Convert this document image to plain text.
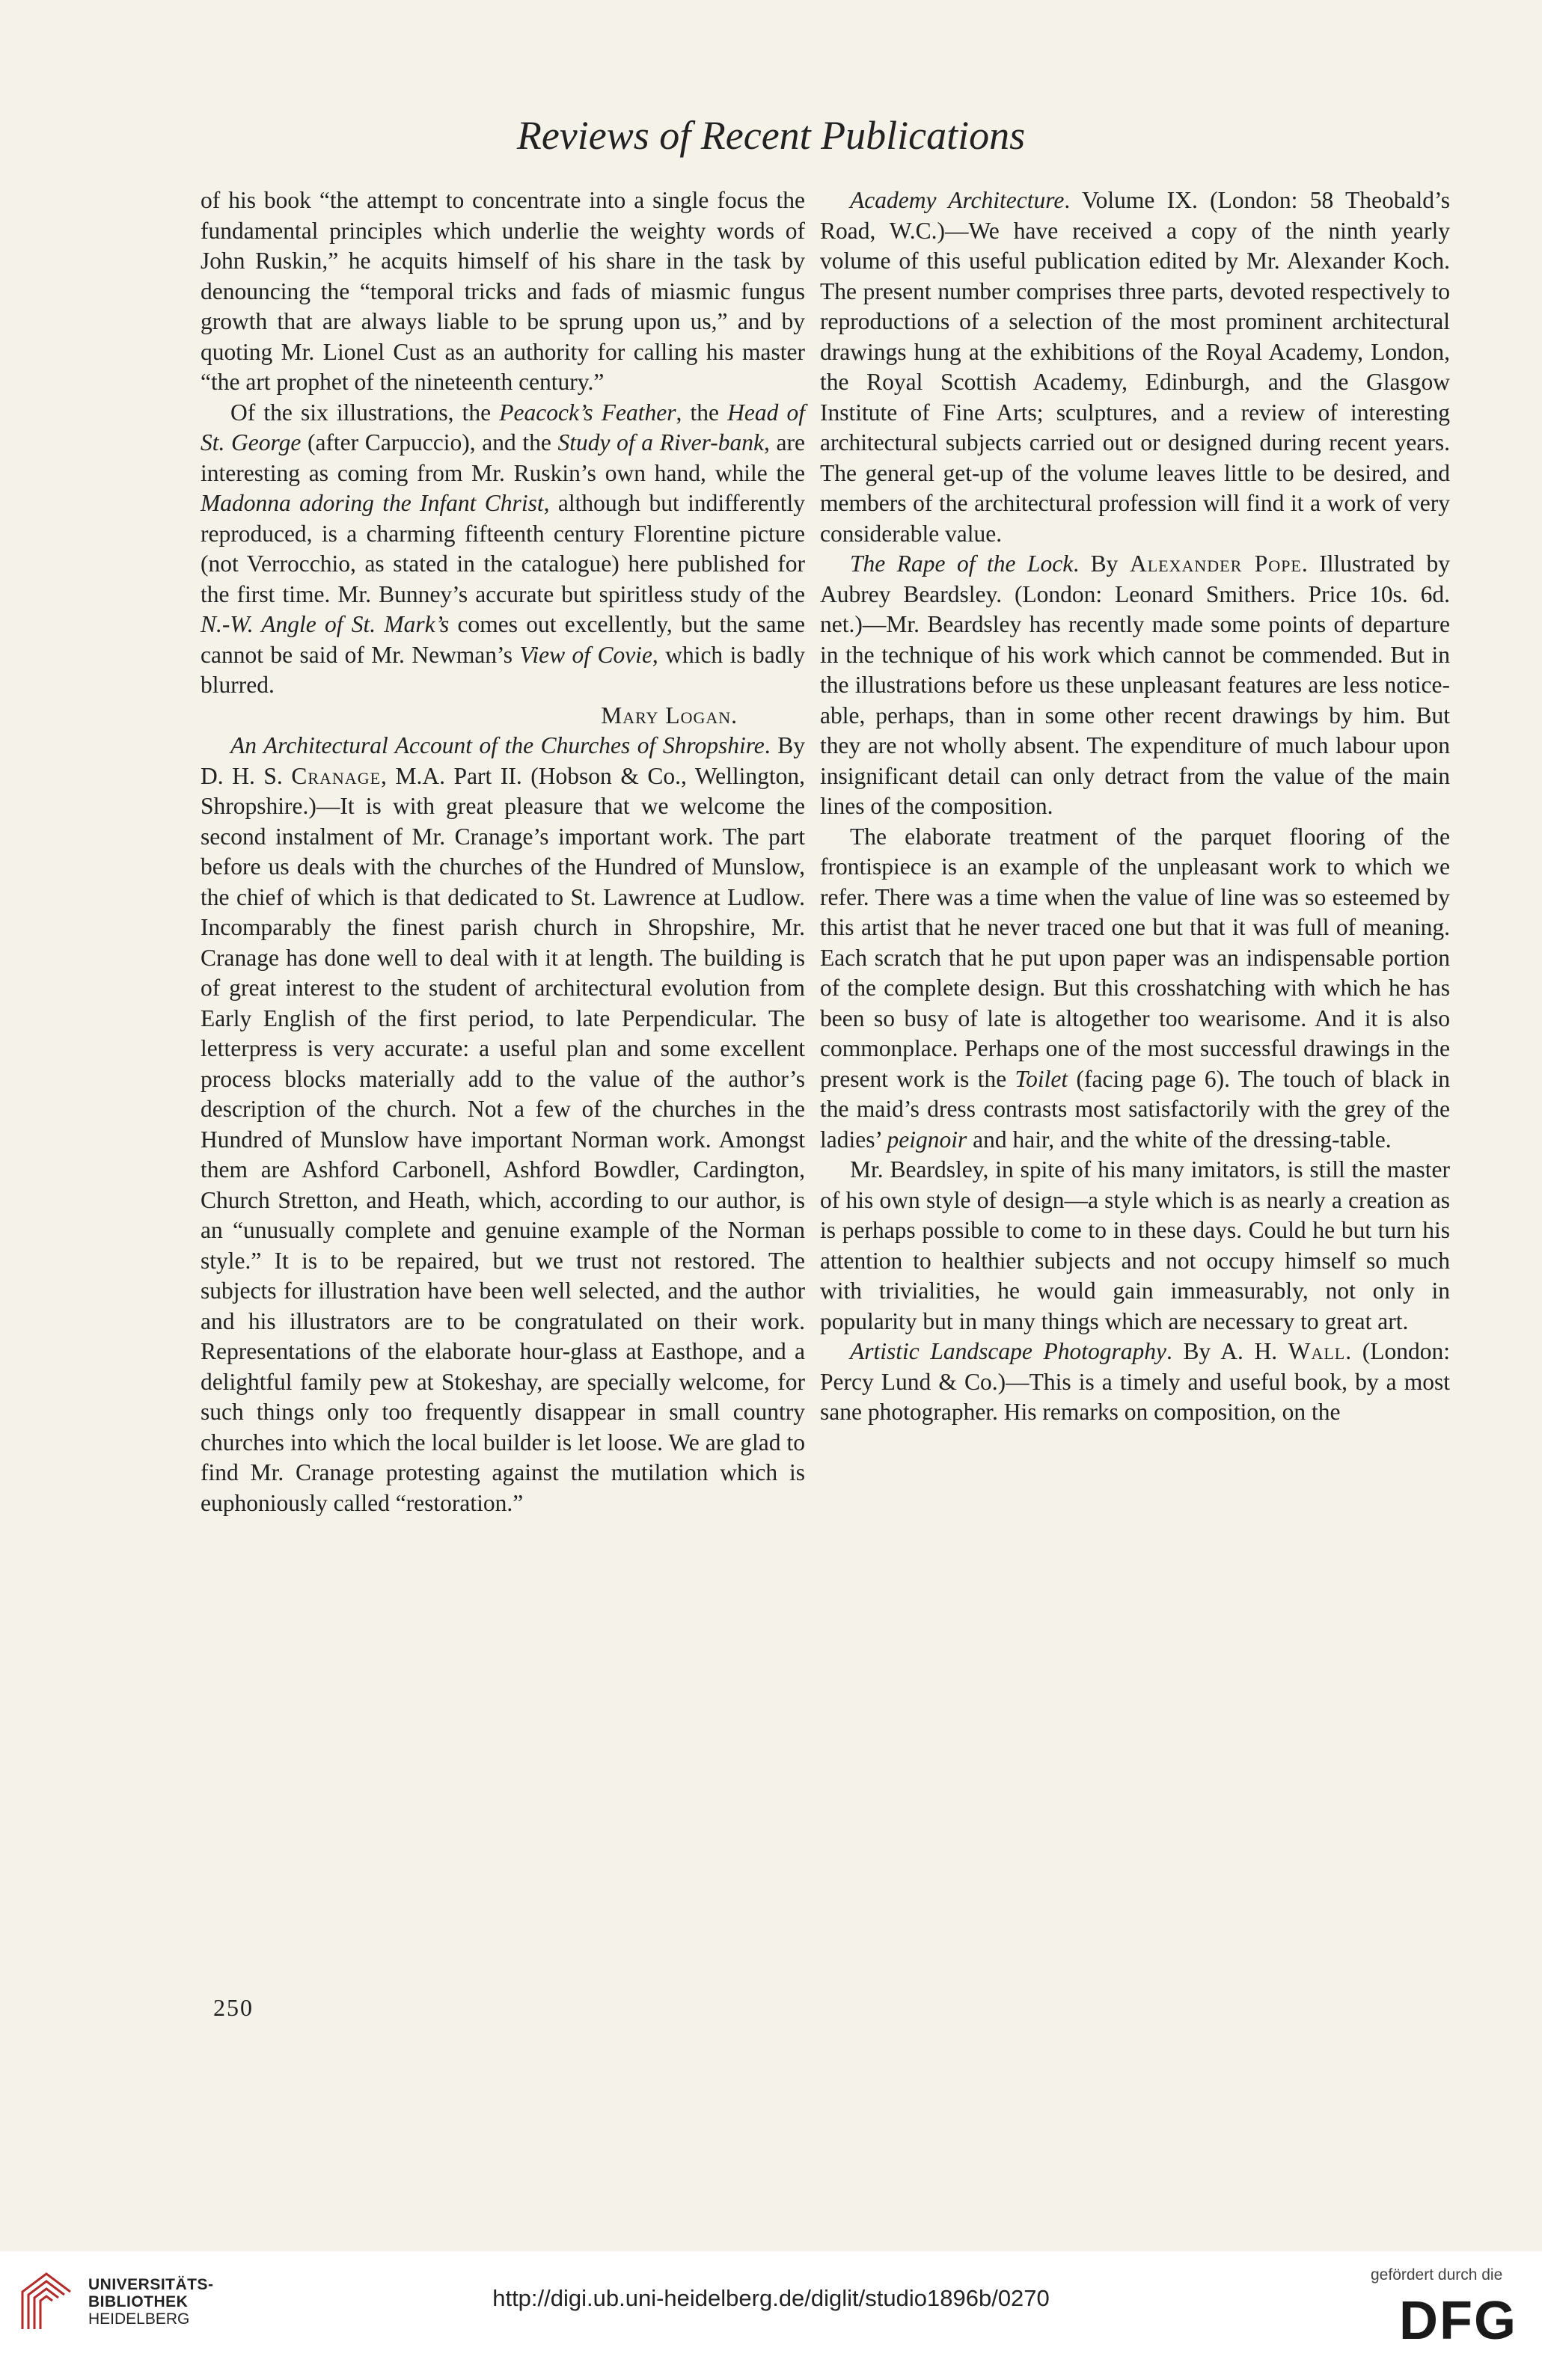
Reviews of Recent Publications

of his book “the attempt to concentrate into a single focus the fundamental principles which underlie the weighty words of John Ruskin,” he acquits himself of his share in the task by denouncing the “temporal tricks and fads of miasmic fungus growth that are always liable to be sprung upon us,” and by quoting Mr. Lionel Cust as an authority for calling his master “the art prophet of the nineteenth century.”

Of the six illustrations, the Peacock’s Feather, the Head of St. George (after Carpuccio), and the Study of a River-bank, are interesting as coming from Mr. Ruskin’s own hand, while the Madonna adoring the Infant Christ, although but indifferently reproduced, is a charming fifteenth century Florentine picture (not Verrocchio, as stated in the catalogue) here published for the first time. Mr. Bunney’s accurate but spiritless study of the N.-W. Angle of St. Mark’s comes out excellently, but the same cannot be said of Mr. Newman’s View of Covie, which is badly blurred.

Mary Logan.

An Architectural Account of the Churches of Shropshire. By D. H. S. Cranage, M.A. Part II. (Hobson & Co., Wellington, Shropshire.)—It is with great pleasure that we welcome the second instalment of Mr. Cranage’s important work. The part before us deals with the churches of the Hundred of Munslow, the chief of which is that dedicated to St. Lawrence at Ludlow. Incomparably the finest parish church in Shropshire, Mr. Cranage has done well to deal with it at length. The building is of great interest to the student of architectural evolution from Early English of the first period, to late Perpendicular. The letterpress is very accurate: a useful plan and some excellent process blocks materially add to the value of the author’s description of the church. Not a few of the churches in the Hundred of Munslow have important Norman work. Amongst them are Ashford Carbonell, Ashford Bowdler, Cardington, Church Stretton, and Heath, which, according to our author, is an “unusually complete and genuine example of the Norman style.” It is to be repaired, but we trust not restored. The subjects for illustration have been well selected, and the author and his illustrators are to be congratulated on their work. Representations of the elaborate hour-glass at Easthope, and a delightful family pew at Stokeshay, are specially welcome, for such things only too frequently disappear in small country churches into which the local builder is let loose. We are glad to find Mr. Cranage protesting against the mutilation which is euphoniously called “restoration.”

Academy Architecture. Volume IX. (London: 58 Theobald’s Road, W.C.)—We have received a copy of the ninth yearly volume of this useful publication edited by Mr. Alexander Koch. The present number comprises three parts, devoted respectively to reproductions of a selection of the most prominent architectural drawings hung at the exhibitions of the Royal Academy, London, the Royal Scottish Academy, Edinburgh, and the Glasgow Institute of Fine Arts; sculptures, and a review of interesting architectural subjects carried out or designed during recent years. The general get-up of the volume leaves little to be desired, and members of the architectural profession will find it a work of very considerable value.

The Rape of the Lock. By Alexander Pope. Illustrated by Aubrey Beardsley. (London: Leonard Smithers. Price 10s. 6d. net.)—Mr. Beardsley has recently made some points of departure in the technique of his work which cannot be commended. But in the illustrations before us these unpleasant features are less noticeable, perhaps, than in some other recent drawings by him. But they are not wholly absent. The expenditure of much labour upon insignificant detail can only detract from the value of the main lines of the composition.

The elaborate treatment of the parquet flooring of the frontispiece is an example of the unpleasant work to which we refer. There was a time when the value of line was so esteemed by this artist that he never traced one but that it was full of meaning. Each scratch that he put upon paper was an indispensable portion of the complete design. But this crosshatching with which he has been so busy of late is altogether too wearisome. And it is also commonplace. Perhaps one of the most successful drawings in the present work is the Toilet (facing page 6). The touch of black in the maid’s dress contrasts most satisfactorily with the grey of the ladies’ peignoir and hair, and the white of the dressing-table.

Mr. Beardsley, in spite of his many imitators, is still the master of his own style of design—a style which is as nearly a creation as is perhaps possible to come to in these days. Could he but turn his attention to healthier subjects and not occupy himself so much with trivialities, he would gain immeasurably, not only in popularity but in many things which are necessary to great art.

Artistic Landscape Photography. By A. H. Wall. (London: Percy Lund & Co.)—This is a timely and useful book, by a most sane photographer. His remarks on composition, on the

250
UNIVERSITÄTS-
BIBLIOTHEK
HEIDELBERG
http://digi.ub.uni-heidelberg.de/diglit/studio1896b/0270
gefördert durch die
DFG
